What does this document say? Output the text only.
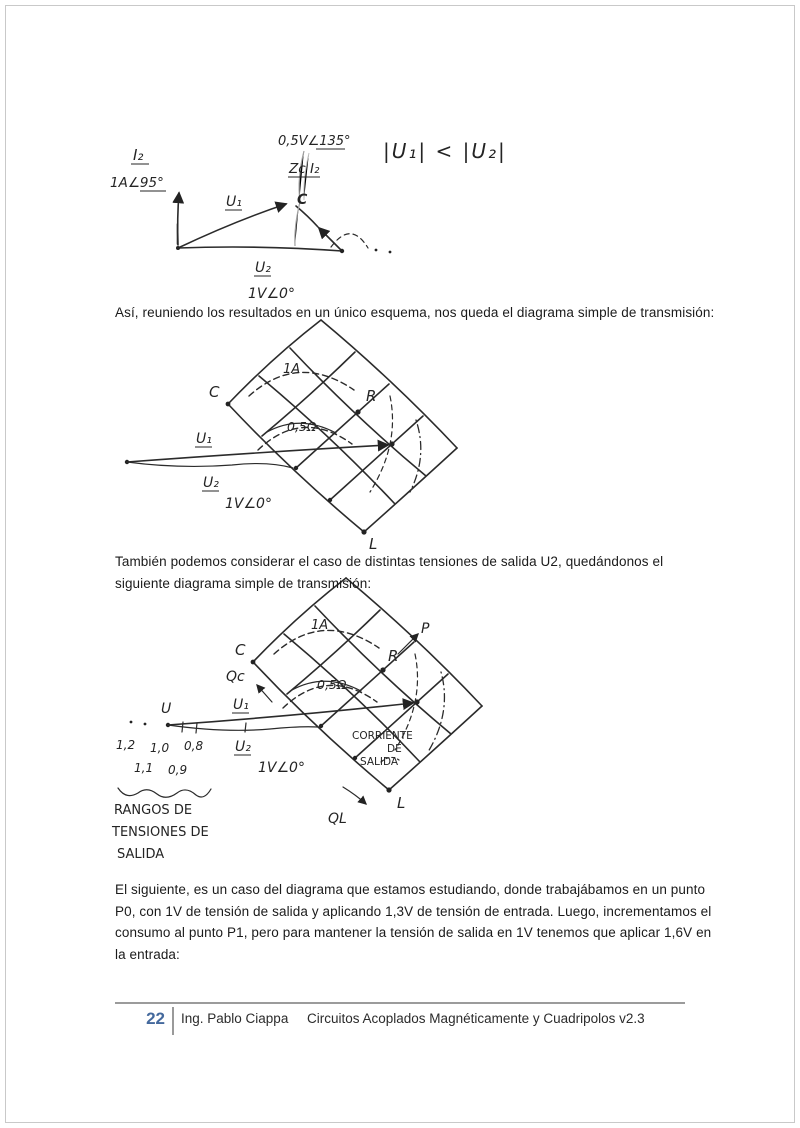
I₂
1A∠95°
U₁	C
0,5V∠135°
Zc I₂
U₂
1V∠0°
|U₁| < |U₂|
C	R
L
1A
0,5Ω
U₁
U₂
1V∠0°
C	R
L
P
Qc
QL
1A
0,5Ω
U	U₁
U₂
1V∠0°
1,2 1,0 0,8
1,1 0,9
RANGOS DE
TENSIONES DE
SALIDA
CORRIENTE
DE
SALIDA
Así, reuniendo los resultados en un único esquema, nos queda el diagrama simple de transmisión:
También podemos considerar el caso de distintas tensiones de salida U2, quedándonos el siguiente diagrama simple de transmisión:
El siguiente, es un caso del diagrama que estamos estudiando, donde trabajábamos en un punto P0, con 1V de tensión de salida y aplicando 1,3V de tensión de entrada. Luego, incrementamos el consumo al punto P1, pero para mantener la tensión de salida en 1V tenemos que aplicar 1,6V en la entrada:
22 Ing. Pablo Ciappa Circuitos Acoplados Magnéticamente y Cuadripolos v2.3
